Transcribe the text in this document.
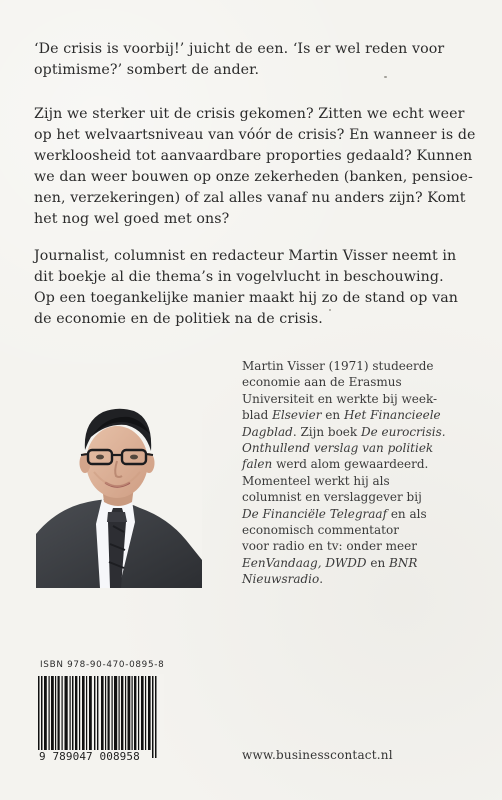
‘De crisis is voorbij!’ juicht de een. ‘Is er wel reden voor
optimisme?’ sombert de ander.

Zijn we sterker uit de crisis gekomen? Zitten we echt weer
op het welvaartsniveau van vóór de crisis? En wanneer is de
werkloosheid tot aanvaardbare proporties gedaald? Kunnen
we dan weer bouwen op onze zekerheden (banken, pensioe-
nen, verzekeringen) of zal alles vanaf nu anders zijn? Komt
het nog wel goed met ons?

Journalist, columnist en redacteur Martin Visser neemt in
dit boekje al die thema’s in vogelvlucht in beschouwing.
Op een toegankelijke manier maakt hij zo de stand op van
de economie en de politiek na de crisis.

Martin Visser (1971) studeerde
economie aan de Erasmus
Universiteit en werkte bij week-
blad Elsevier en Het Financieele
Dagblad. Zijn boek De eurocrisis.
Onthullend verslag van politiek
falen werd alom gewaardeerd.
Momenteel werkt hij als
columnist en verslaggever bij
De Financiële Telegraaf en als
economisch commentator
voor radio en tv: onder meer
EenVandaag, DWDD en BNR
Nieuwsradio.
ISBN 978-90-470-0895-8
9 789047 008958	www.businesscontact.nl
